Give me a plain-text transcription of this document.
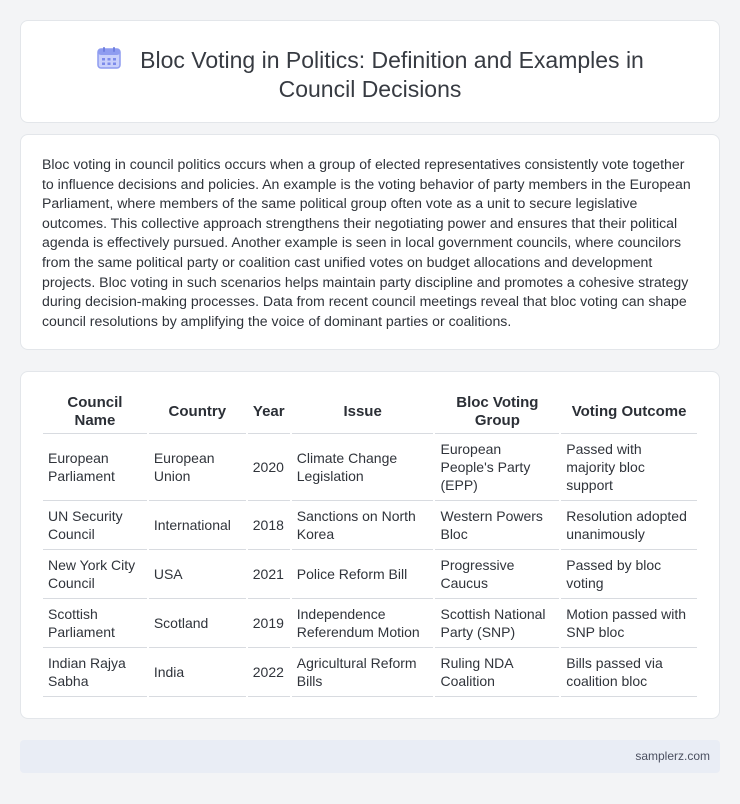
Bloc Voting in Politics: Definition and Examples in Council Decisions

Bloc voting in council politics occurs when a group of elected representatives consistently vote together to influence decisions and policies. An example is the voting behavior of party members in the European Parliament, where members of the same political group often vote as a unit to secure legislative outcomes. This collective approach strengthens their negotiating power and ensures that their political agenda is effectively pursued. Another example is seen in local government councils, where councilors from the same political party or coalition cast unified votes on budget allocations and development projects. Bloc voting in such scenarios helps maintain party discipline and promotes a cohesive strategy during decision-making processes. Data from recent council meetings reveal that bloc voting can shape council resolutions by amplifying the voice of dominant parties or coalitions.

Council Name	Country	Year	Issue	Bloc Voting Group	Voting Outcome
European Parliament	European Union	2020	Climate Change Legislation	European People's Party (EPP)	Passed with majority bloc support
UN Security Council	International	2018	Sanctions on North Korea	Western Powers Bloc	Resolution adopted unanimously
New York City Council	USA	2021	Police Reform Bill	Progressive Caucus	Passed by bloc voting
Scottish Parliament	Scotland	2019	Independence Referendum Motion	Scottish National Party (SNP)	Motion passed with SNP bloc
Indian Rajya Sabha	India	2022	Agricultural Reform Bills	Ruling NDA Coalition	Bills passed via coalition bloc
samplerz.com
